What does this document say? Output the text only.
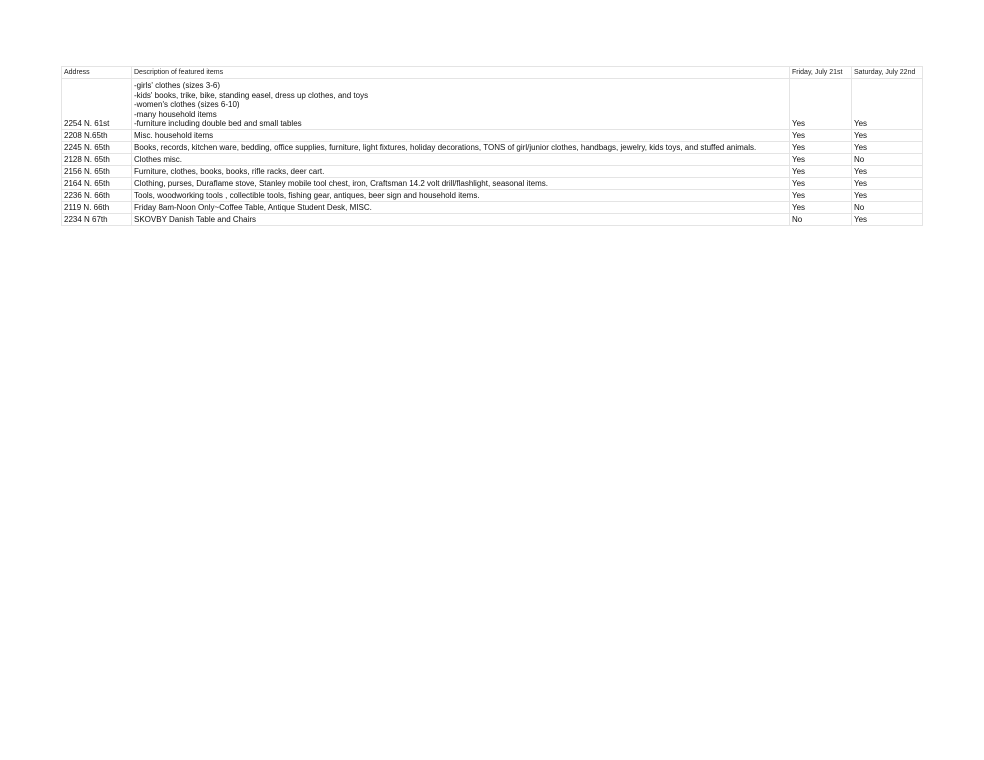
Address	Description of featured items	Friday, July 21st	Saturday, July 22nd
2254 N. 61st	-girls' clothes (sizes 3-6)
-kids' books, trike, bike, standing easel, dress up clothes, and toys
-women's clothes (sizes 6-10)
-many household items
-furniture including double bed and small tables	Yes	Yes
2208 N.65th	Misc. household items	Yes	Yes
2245 N. 65th	Books, records, kitchen ware, bedding, office supplies, furniture, light fixtures, holiday decorations, TONS of girl/junior clothes, handbags, jewelry, kids toys, and stuffed animals.	Yes	Yes
2128 N. 65th	Clothes misc.	Yes	No
2156 N. 65th	Furniture, clothes, books, books, rifle racks, deer cart.	Yes	Yes
2164 N. 65th	Clothing, purses, Duraflame stove, Stanley mobile tool chest, iron, Craftsman 14.2 volt drill/flashlight, seasonal items.	Yes	Yes
2236 N. 66th	Tools, woodworking tools , collectible tools, fishing gear, antiques, beer sign and household items.	Yes	Yes
2119 N. 66th	Friday 8am-Noon Only~Coffee Table, Antique Student Desk, MISC.	Yes	No
2234 N 67th	SKOVBY Danish Table and Chairs	No	Yes
